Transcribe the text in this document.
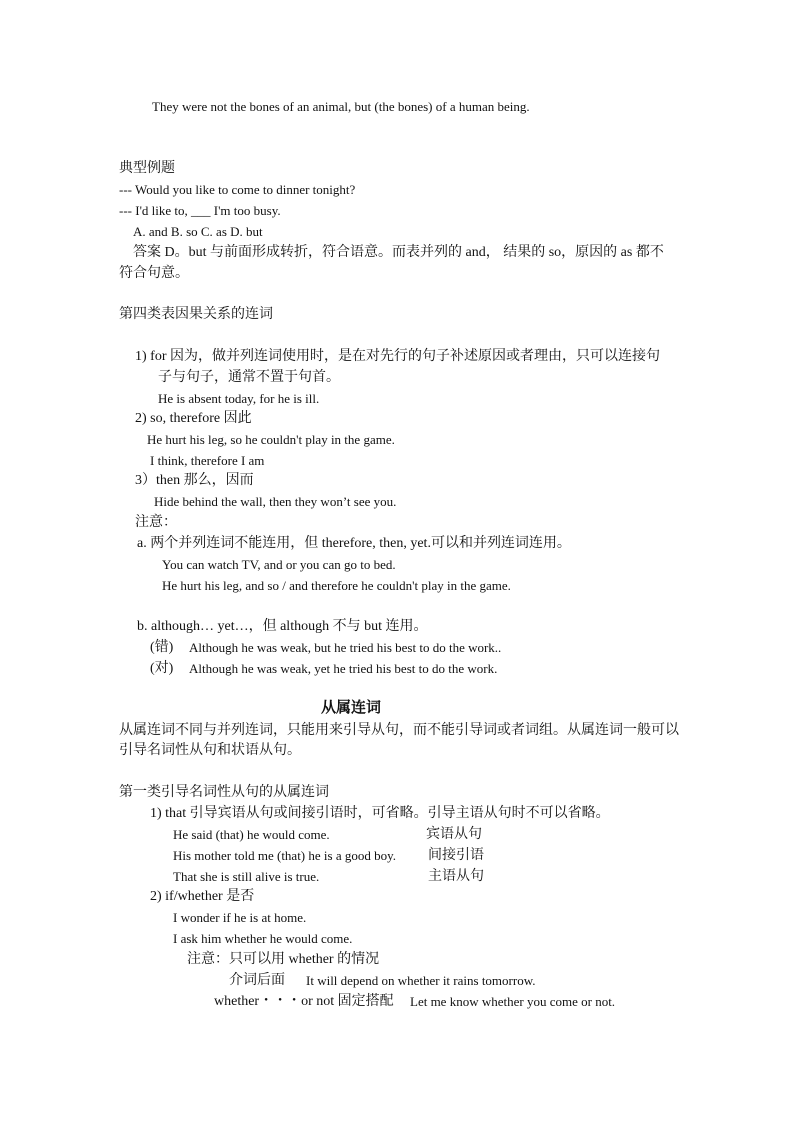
They were not the bones of an animal, but (the bones) of a human being.
典型例题
--- Would you like to come to dinner tonight?
--- I'd like to, ___ I'm too busy.
A. and B. so C. as D. but
答案 D。but 与前面形成转折，符合语意。而表并列的 and， 结果的 so，原因的 as 都不
符合句意。
第四类表因果关系的连词
1) for 因为，做并列连词使用时，是在对先行的句子补述原因或者理由，只可以连接句
子与句子，通常不置于句首。
He is absent today, for he is ill.
2) so, therefore 因此
He hurt his leg, so he couldn't play in the game.
I think, therefore I am
3）then 那么，因而
Hide behind the wall, then they won’t see you.
注意：
a. 两个并列连词不能连用，但 therefore, then, yet.可以和并列连词连用。
You can watch TV, and or you can go to bed.
He hurt his leg, and so / and therefore he couldn't play in the game.
b. although… yet…，但 although 不与 but 连用。
(错) Although he was weak, but he tried his best to do the work..
(对) Although he was weak, yet he tried his best to do the work.
从属连词
从属连词不同与并列连词，只能用来引导从句，而不能引导词或者词组。从属连词一般可以
引导名词性从句和状语从句。
第一类引导名词性从句的从属连词
1) that 引导宾语从句或间接引语时，可省略。引导主语从句时不可以省略。
He said (that) he would come.	宾语从句
His mother told me (that) he is a good boy. 间接引语
That she is still alive is true.	主语从句
2) if/whether 是否
I wonder if he is at home.
I ask him whether he would come.
注意：只可以用 whether 的情况
介词后面 It will depend on whether it rains tomorrow.
whether・・・or not 固定搭配 Let me know whether you come or not.
